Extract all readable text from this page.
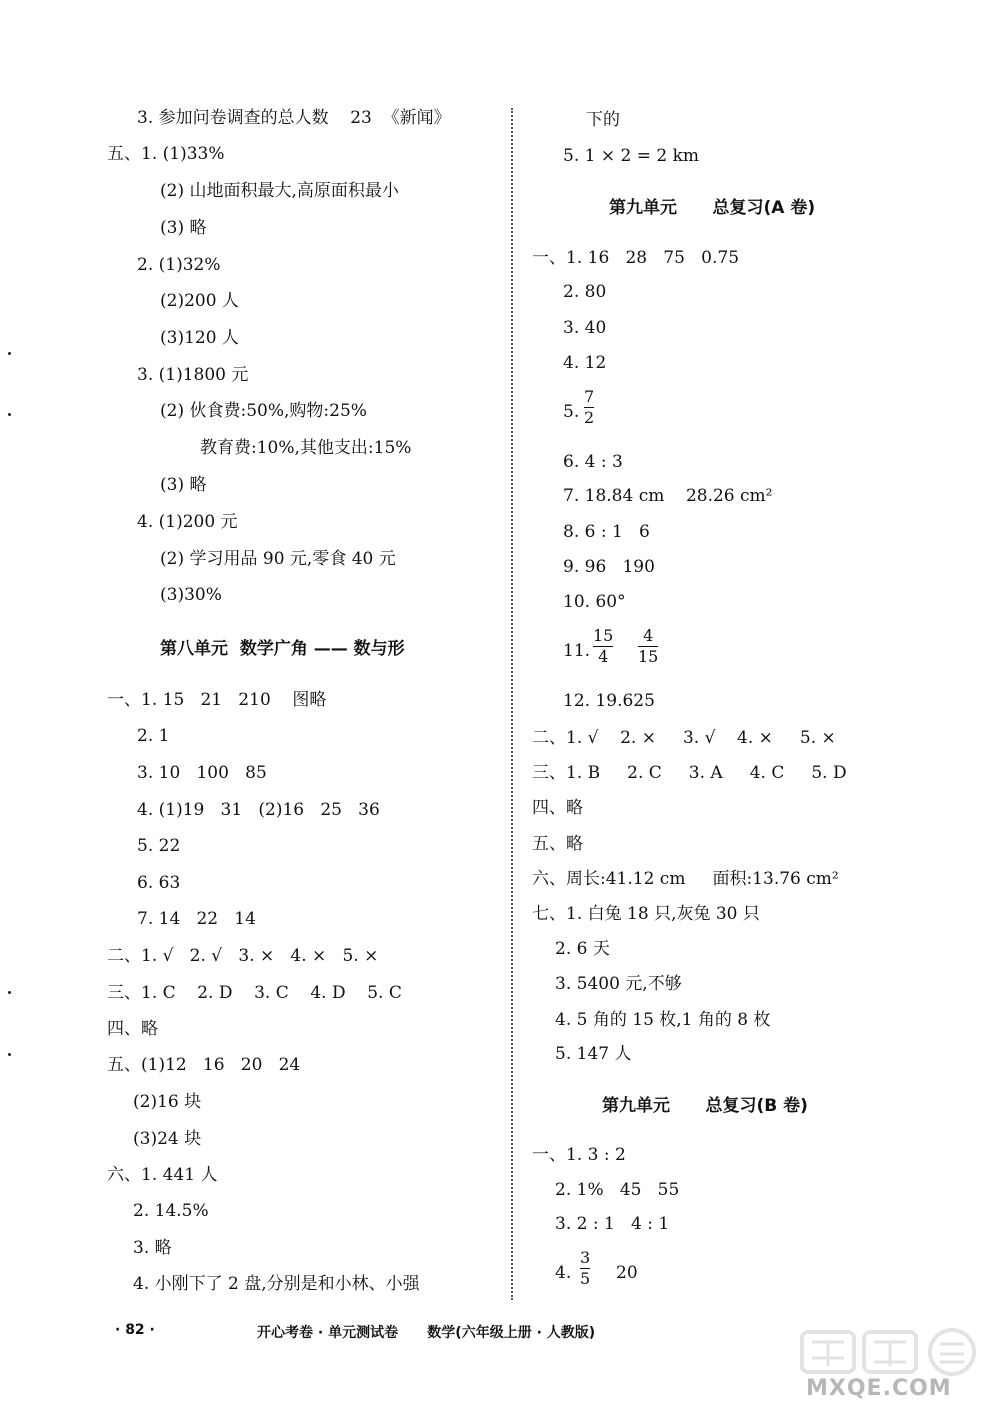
3. 参加问卷调查的总人数    23  《新闻》
五、1. (1)33%
(2) 山地面积最大,高原面积最小
(3) 略
2. (1)32%
(2)200 人
(3)120 人
3. (1)1800 元
(2) 伙食费:50%,购物:25%
教育费:10%,其他支出:15%
(3) 略
4. (1)200 元
(2) 学习用品 90 元,零食 40 元
(3)30%
第八单元  数学广角 —— 数与形
一、1. 15   21   210    图略
2. 1
3. 10   100   85
4. (1)19   31   (2)16   25   36
5. 22
6. 63
7. 14   22   14
二、1. √   2. √   3. ×   4. ×   5. ×
三、1. C    2. D    3. C    4. D    5. C
四、略
五、(1)12   16   20   24
(2)16 块
(3)24 块
六、1. 441 人
2. 14.5%
3. 略
4. 小刚下了 2 盘,分别是和小林、小强
下的
5. 1 × 2 = 2 km
第九单元      总复习(A 卷)
一、1. 16   28   75   0.75
2. 80
3. 40
4. 12
5.
7
2
6. 4 : 3
7. 18.84 cm    28.26 cm²
8. 6 : 1   6
9. 96   190
10. 60°
11.
15
4
4
15
12. 19.625
二、1. √    2. ×     3. √    4. ×     5. ×
三、1. B     2. C     3. A     4. C     5. D
四、略
五、略
六、周长:41.12 cm     面积:13.76 cm²
七、1. 白兔 18 只,灰兔 30 只
2. 6 天
3. 5400 元,不够
4. 5 角的 15 枚,1 角的 8 枚
5. 147 人
第九单元      总复习(B 卷)
一、1. 3 : 2
2. 1%   45   55
3. 2 : 1   4 : 1
4.
3
5 20
· 82 ·	开心考卷 · 单元测试卷      数学(六年级上册 · 人教版)
MXQE.COM
